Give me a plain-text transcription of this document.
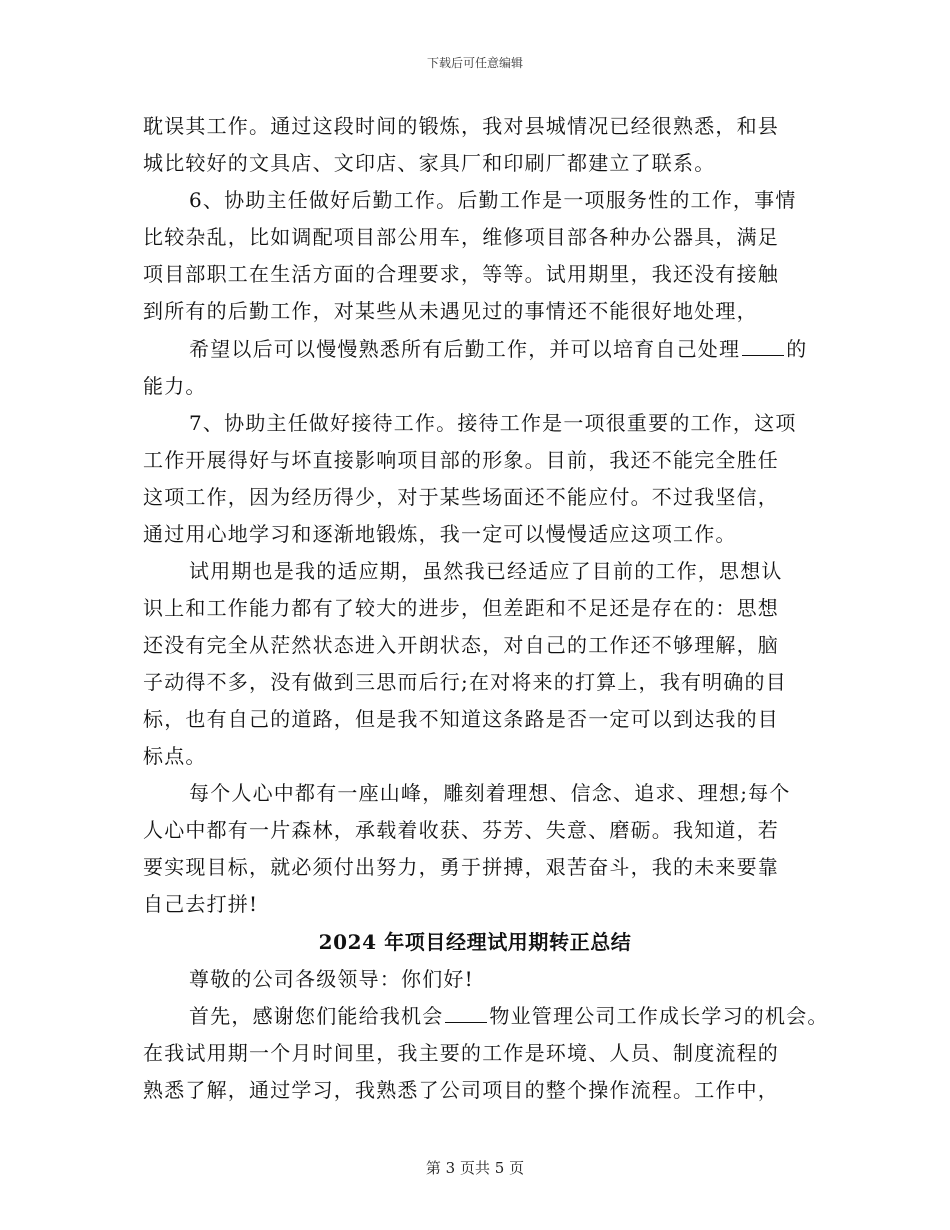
下载后可任意编辑
耽误其工作。通过这段时间的锻炼，我对县城情况已经很熟悉，和县
城比较好的文具店、文印店、家具厂和印刷厂都建立了联系。
6、协助主任做好后勤工作。后勤工作是一项服务性的工作，事情
比较杂乱，比如调配项目部公用车，维修项目部各种办公器具，满足
项目部职工在生活方面的合理要求，等等。试用期里，我还没有接触
到所有的后勤工作，对某些从未遇见过的事情还不能很好地处理，
希望以后可以慢慢熟悉所有后勤工作，并可以培育自己处理 的
能力。
7、协助主任做好接待工作。接待工作是一项很重要的工作，这项
工作开展得好与坏直接影响项目部的形象。目前，我还不能完全胜任
这项工作，因为经历得少，对于某些场面还不能应付。不过我坚信，
通过用心地学习和逐渐地锻炼，我一定可以慢慢适应这项工作。
试用期也是我的适应期，虽然我已经适应了目前的工作，思想认
识上和工作能力都有了较大的进步，但差距和不足还是存在的：思想
还没有完全从茫然状态进入开朗状态，对自己的工作还不够理解，脑
子动得不多，没有做到三思而后行;在对将来的打算上，我有明确的目
标，也有自己的道路，但是我不知道这条路是否一定可以到达我的目
标点。
每个人心中都有一座山峰，雕刻着理想、信念、追求、理想;每个
人心中都有一片森林，承载着收获、芬芳、失意、磨砺。我知道，若
要实现目标，就必须付出努力，勇于拼搏，艰苦奋斗，我的未来要靠
自己去打拼!
2024 年项目经理试用期转正总结
尊敬的公司各级领导：你们好!
首先，感谢您们能给我机会 物业管理公司工作成长学习的机会。
在我试用期一个月时间里，我主要的工作是环境、人员、制度流程的
熟悉了解，通过学习，我熟悉了公司项目的整个操作流程。工作中，
第 3 页共 5 页
